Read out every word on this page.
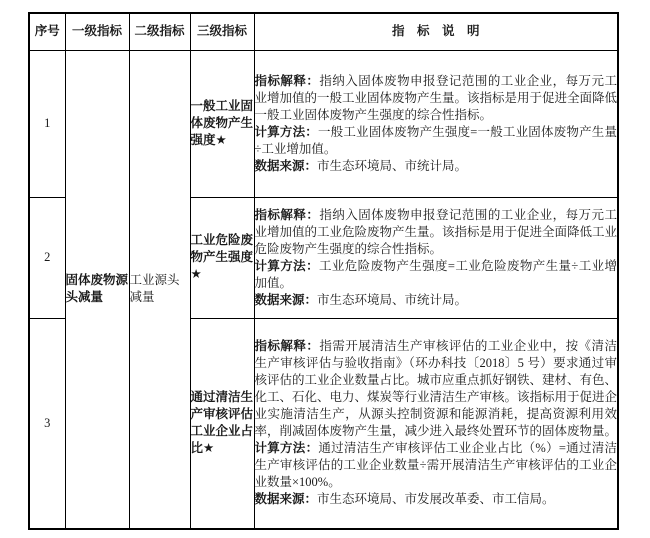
序号	一级指标	二级指标	三级指标	指　标　说　明
1	固体废物源头减量	工业源头减量	一般工业固体废物产生强度★	指标解释：指纳入固体废物申报登记范围的工业企业，每万元工业增加值的一般工业固体废物产生量。该指标是用于促进全面降低一般工业固体废物产生强度的综合性指标。

计算方法：一般工业固体废物产生强度=一般工业固体废物产生量÷工业增加值。

数据来源：市生态环境局、市统计局。

2			工业危险废物产生强度★	指标解释：指纳入固体废物申报登记范围的工业企业，每万元工业增加值的工业危险废物产生量。该指标是用于促进全面降低工业危险废物产生强度的综合性指标。

计算方法：工业危险废物产生强度=工业危险废物产生量÷工业增加值。

数据来源：市生态环境局、市统计局。

3			通过清洁生产审核评估工业企业占比★	指标解释：指需开展清洁生产审核评估的工业企业中，按《清洁生产审核评估与验收指南》（环办科技〔2018〕5 号）要求通过审核评估的工业企业数量占比。城市应重点抓好钢铁、建材、有色、化工、石化、电力、煤炭等行业清洁生产审核。该指标用于促进企业实施清洁生产，从源头控制资源和能源消耗，提高资源利用效率，削减固体废物产生量，减少进入最终处置环节的固体废物量。

计算方法：通过清洁生产审核评估工业企业占比（%）=通过清洁生产审核评估的工业企业数量÷需开展清洁生产审核评估的工业企业数量×100%。

数据来源：市生态环境局、市发展改革委、市工信局。
